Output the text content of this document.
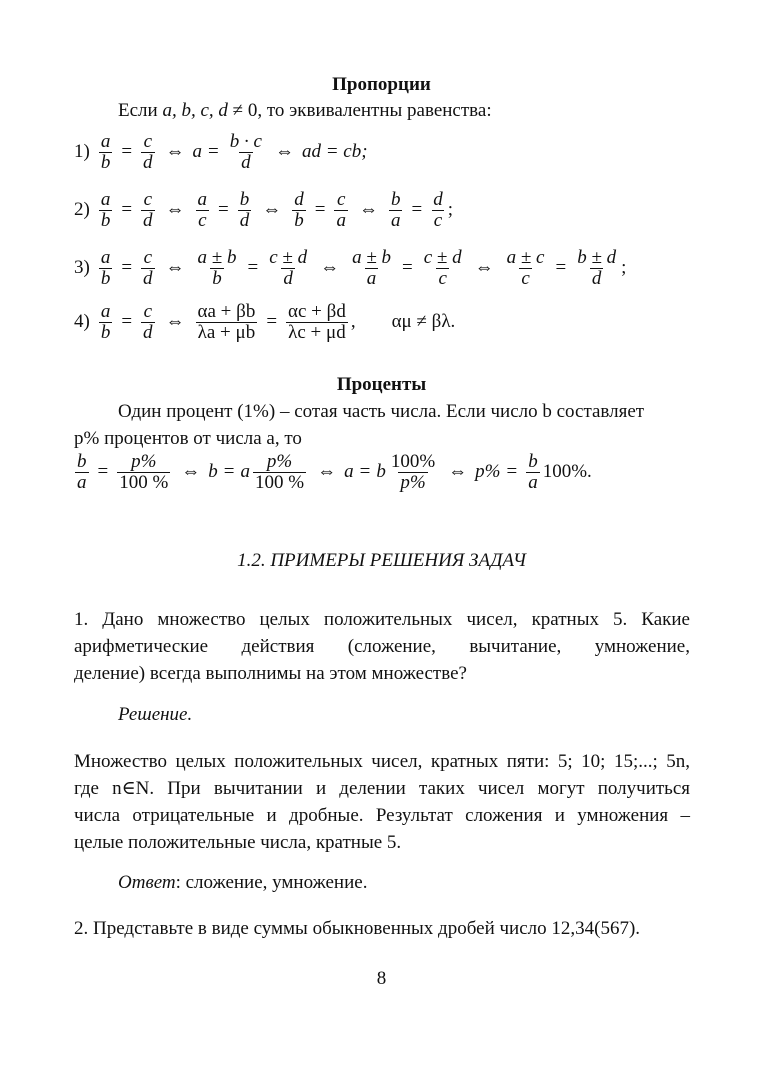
Пропорции
Если a, b, c, d ≠ 0, то эквивалентны равенства:
$1) \frac{a}{b} = \frac{c}{d}$ ⇔ $a = \frac{b \cdot c}{d}$ ⇔ ad = cb;
$2) \frac{a}{b} = \frac{c}{d}$ ⇔ $\frac{a}{c} = \frac{b}{d}$ ⇔ $\frac{d}{b} = \frac{c}{a}$ ⇔ $\frac{b}{a} = \frac{d}{c}$ ;
$3) \frac{a}{b} = \frac{c}{d}$ ⇔ $\frac{a \pm b}{b} = \frac{c \pm d}{d}$ ⇔ $\frac{a \pm b}{a} = \frac{c \pm d}{c}$ ⇔ $\frac{a \pm c}{c} = \frac{b \pm d}{d}$ ;
$4) \frac{a}{b} = \frac{c}{d}$ ⇔ $\frac{\alpha a + \beta b}{\lambda a + \mu b} = \frac{\alpha c + \beta d}{\lambda c + \mu d}$ , αμ ≠ βλ.
Проценты
Один процент (1%) – сотая часть числа. Если число b составляет
p% процентов от числа a, то
$\frac{b}{a} = \frac{p\%}{100 \%}$ ⇔ b = a $\frac{p\%}{100 \%}$ ⇔ a = b $\frac{100\%}{p\%}$ ⇔ $p\% = \frac{b}{a} 100\%$.
1.2. ПРИМЕРЫ РЕШЕНИЯ ЗАДАЧ
1. Дано множество целых положительных чисел, кратных 5. Какие
арифметические действия (сложение, вычитание, умножение,
деление) всегда выполнимы на этом множестве?
Решение.
Множество целых положительных чисел, кратных пяти: 5; 10; 15;...; 5n,
где n∈N. При вычитании и делении таких чисел могут получиться
числа отрицательные и дробные. Результат сложения и умножения –
целые положительные числа, кратные 5.
Ответ: сложение, умножение.
2. Представьте в виде суммы обыкновенных дробей число 12,34(567).
8
